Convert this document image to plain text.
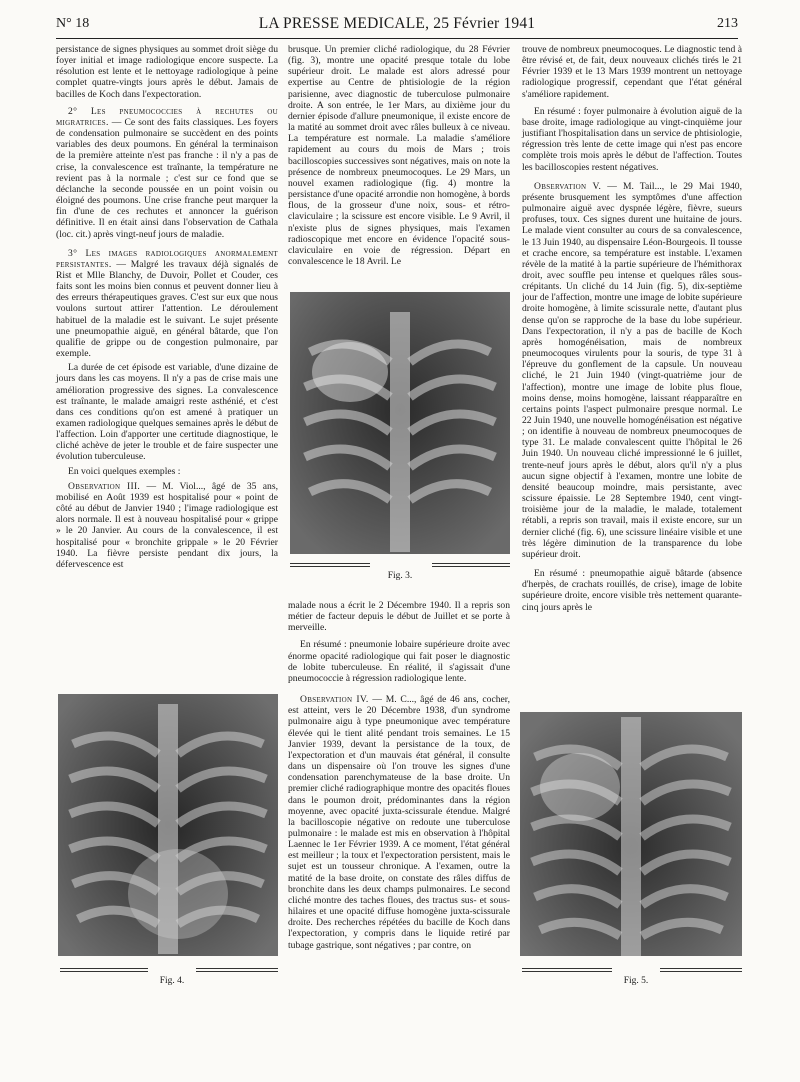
N° 18	LA PRESSE MEDICALE, 25 Février 1941	213

persistance de signes physiques au sommet droit siège du foyer initial et image radiologique encore suspecte. La résolution est lente et le nettoyage radiologique à peine complet quatre-vingts jours après le début. Jamais de bacilles de Koch dans l'expectoration.

2° Les pneumococcies à rechutes ou migratrices. — Ce sont des faits classiques. Les foyers de condensation pulmonaire se succèdent en des points variables des deux poumons. En général la terminaison de la première atteinte n'est pas franche : il n'y a pas de crise, la convalescence est traînante, la température ne revient pas à la normale ; c'est sur ce fond que se déclanche la seconde poussée en un point voisin ou éloigné des poumons. Une crise franche peut marquer la fin d'une de ces rechutes et annoncer la guérison définitive. Il en était ainsi dans l'observation de Cathala (loc. cit.) après vingt-neuf jours de maladie.

3° Les images radiologiques anormalement persistantes. — Malgré les travaux déjà signalés de Rist et Mlle Blanchy, de Duvoir, Pollet et Couder, ces faits sont les moins bien connus et peuvent donner lieu à des erreurs thérapeutiques graves. C'est sur eux que nous voulons surtout attirer l'attention. Le déroulement habituel de la maladie est le suivant. Le sujet présente une pneumopathie aiguë, en général bâtarde, que l'on qualifie de grippe ou de congestion pulmonaire, par exemple.

La durée de cet épisode est variable, d'une dizaine de jours dans les cas moyens. Il n'y a pas de crise mais une amélioration progressive des signes. La convalescence est traînante, le malade amaigri reste asthénié, et c'est dans ces conditions qu'on est amené à pratiquer un examen radiologique quelques semaines après le début de l'affection. Loin d'apporter une certitude diagnostique, le cliché achève de jeter le trouble et de faire suspecter une évolution tuberculeuse.

En voici quelques exemples :

Observation III. — M. Viol..., âgé de 35 ans, mobilisé en Août 1939 est hospitalisé pour « point de côté au début de Janvier 1940 ; l'image radiologique est alors normale. Il est à nouveau hospitalisé pour « grippe » le 20 Janvier. Au cours de la convalescence, il est hospitalisé pour « bronchite grippale » le 20 Février 1940. La fièvre persiste pendant dix jours, la défervescence est

brusque. Un premier cliché radiologique, du 28 Février (fig. 3), montre une opacité presque totale du lobe supérieur droit. Le malade est alors adressé pour expertise au Centre de phtisiologie de la région parisienne, avec diagnostic de tuberculose pulmonaire droite. A son entrée, le 1er Mars, au dixième jour du dernier épisode d'allure pneumonique, il existe encore de la matité au sommet droit avec râles bulleux à ce niveau. La température est normale. La maladie s'améliore rapidement au cours du mois de Mars ; trois bacilloscopies successives sont négatives, mais on note la présence de nombreux pneumocoques. Le 29 Mars, un nouvel examen radiologique (fig. 4) montre la persistance d'une opacité arrondie non homogène, à bords flous, de la grosseur d'une noix, sous- et rétro-claviculaire ; la scissure est encore visible. Le 9 Avril, il n'existe plus de signes physiques, mais l'examen radioscopique met encore en évidence l'opacité sous-claviculaire en voie de régression. Départ en convalescence le 18 Avril. Le

Fig. 3.

malade nous a écrit le 2 Décembre 1940. Il a repris son métier de facteur depuis le début de Juillet et se porte à merveille.

En résumé : pneumonie lobaire supérieure droite avec énorme opacité radiologique qui fait poser le diagnostic de lobite tuberculeuse. En réalité, il s'agissait d'une pneumococcie à régression radiologique lente.

Observation IV. — M. C..., âgé de 46 ans, cocher, est atteint, vers le 20 Décembre 1938, d'un syndrome pulmonaire aigu à type pneumonique avec température élevée qui le tient alité pendant trois semaines. Le 15 Janvier 1939, devant la persistance de la toux, de l'expectoration et d'un mauvais état général, il consulte dans un dispensaire où l'on trouve les signes d'une condensation parenchymateuse de la base droite. Un premier cliché radiographique montre des opacités floues dans le poumon droit, prédominantes dans la région moyenne, avec opacité juxta-scissurale étendue. Malgré la bacilloscopie négative on redoute une tuberculose pulmonaire : le malade est mis en observation à l'hôpital Laennec le 1er Février 1939. A ce moment, l'état général est meilleur ; la toux et l'expectoration persistent, mais le sujet est un tousseur chronique. A l'examen, outre la matité de la base droite, on constate des râles diffus de bronchite dans les deux champs pulmonaires. Le second cliché montre des taches floues, des tractus sus- et sous-hilaires et une opacité diffuse homogène juxta-scissurale droite. Des recherches répétées du bacille de Koch dans l'expectoration, y compris dans le liquide retiré par tubage gastrique, sont négatives ; par contre, on

Fig. 4.

trouve de nombreux pneumocoques. Le diagnostic tend à être révisé et, de fait, deux nouveaux clichés tirés le 21 Février 1939 et le 13 Mars 1939 montrent un nettoyage radiologique progressif, cependant que l'état général s'améliore rapidement.

En résumé : foyer pulmonaire à évolution aiguë de la base droite, image radiologique au vingt-cinquième jour justifiant l'hospitalisation dans un service de phtisiologie, régression très lente de cette image qui n'est pas encore complète trois mois après le début de l'affection. Toutes les bacilloscopies restent négatives.

Observation V. — M. Tail..., le 29 Mai 1940, présente brusquement les symptômes d'une affection pulmonaire aiguë avec dyspnée légère, fièvre, sueurs profuses, toux. Ces signes durent une huitaine de jours. Le malade vient consulter au cours de sa convalescence, le 13 Juin 1940, au dispensaire Léon-Bourgeois. Il tousse et crache encore, sa température est instable. L'examen révèle de la matité à la partie supérieure de l'hémithorax droit, avec souffle peu intense et quelques râles sous-crépitants. Un cliché du 14 Juin (fig. 5), dix-septième jour de l'affection, montre une image de lobite supérieure droite homogène, à limite scissurale nette, d'autant plus dense qu'on se rapproche de la base du lobe supérieur. Dans l'expectoration, il n'y a pas de bacille de Koch après homogénéisation, mais de nombreux pneumocoques virulents pour la souris, de type 31 à l'épreuve du gonflement de la capsule. Un nouveau cliché, le 21 Juin 1940 (vingt-quatrième jour de l'affection), montre une image de lobite plus floue, moins dense, moins homogène, laissant réapparaître en certains points l'aspect pulmonaire presque normal. Le 22 Juin 1940, une nouvelle homogénéisation est négative ; on identifie à nouveau de nombreux pneumocoques de type 31. Le malade convalescent quitte l'hôpital le 26 Juin 1940. Un nouveau cliché impressionné le 6 juillet, trente-neuf jours après le début, alors qu'il n'y a plus aucun signe objectif à l'examen, montre une lobite de densité beaucoup moindre, mais persistante, avec scissure épaissie. Le 28 Septembre 1940, cent vingt-troisième jour de la maladie, le malade, totalement rétabli, a repris son travail, mais il existe encore, sur un dernier cliché (fig. 6), une scissure linéaire visible et une très légère diminution de la transparence du lobe supérieur droit.

En résumé : pneumopathie aiguë bâtarde (absence d'herpès, de crachats rouillés, de crise), image de lobite supérieure droite, encore visible très nettement quarante-cinq jours après le

Fig. 5.
